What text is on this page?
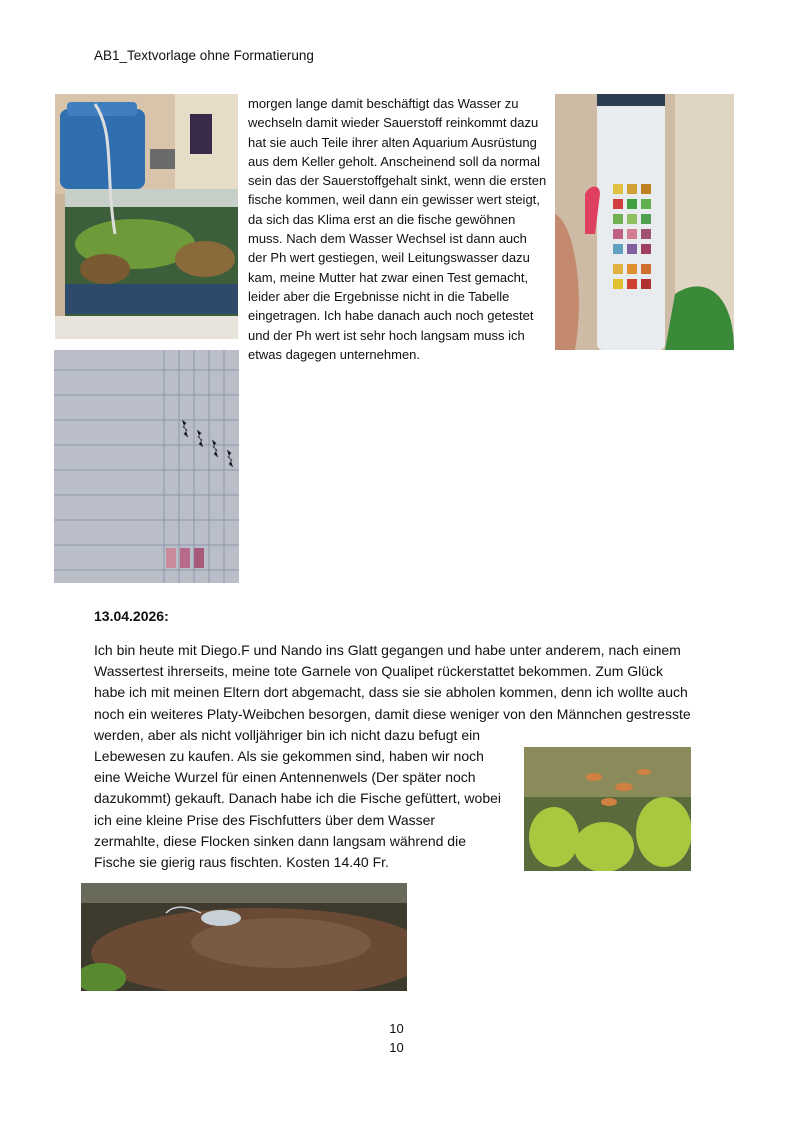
AB1_Textvorlage ohne Formatierung
morgen lange damit beschäftigt das Wasser zu wechseln damit wieder Sauerstoff reinkommt dazu hat sie auch Teile ihrer alten Aquarium Ausrüstung aus dem Keller geholt. Anscheinend soll da normal sein das der Sauerstoffgehalt sinkt, wenn die ersten fische kommen, weil dann ein gewisser wert steigt, da sich das Klima erst an die fische gewöhnen muss. Nach dem Wasser Wechsel ist dann auch der Ph wert gestiegen, weil Leitungswasser dazu kam, meine Mutter hat zwar einen Test gemacht, leider aber die Ergebnisse nicht in die Tabelle eingetragen. Ich habe danach auch noch getestet und der Ph wert ist sehr hoch langsam muss ich etwas dagegen unternehmen.
13.04.2026:
Ich bin heute mit Diego.F und Nando ins Glatt gegangen und habe unter anderem, nach einem Wassertest ihrerseits, meine tote Garnele von Qualipet rückerstattet bekommen. Zum Glück habe ich mit meinen Eltern dort abgemacht, dass sie sie abholen kommen, denn ich wollte auch noch ein weiteres Platy-Weibchen besorgen, damit diese weniger von den Männchen gestresste werden, aber als nicht volljähriger bin ich nicht dazu befugt ein
Lebewesen zu kaufen. Als sie gekommen sind, haben wir noch eine Weiche Wurzel für einen Antennenwels (Der später noch dazukommt) gekauft. Danach habe ich die Fische gefüttert, wobei ich eine kleine Prise des Fischfutters über dem Wasser zermahlte, diese Flocken sinken dann langsam während die Fische sie gierig raus fischten. Kosten 14.40 Fr.
10
10
